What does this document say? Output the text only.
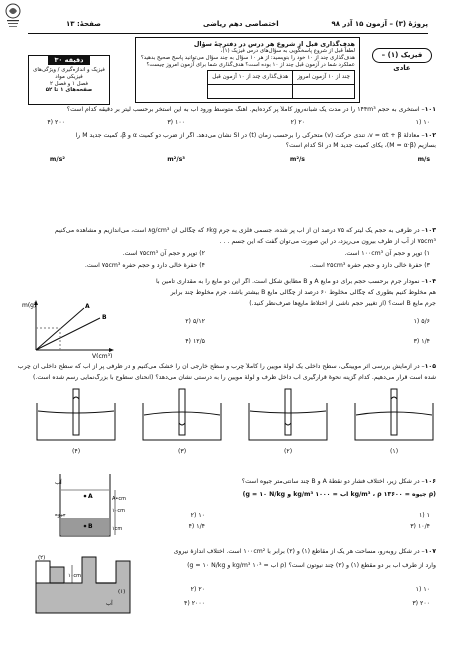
پروژهٔ (۳) – آزمون ۱۵ آذر ۹۸
اختصاصی دهم ریاضی
صفحهٔ: ۱۳
فیزیک (۱) – عادی
هدف‌گذاری قبل از شروع هر درس در دفترچهٔ سؤال
لطفاً قبل از شروع پاسخگویی به سؤال‌های درس فیزیک (۱)،
هدف‌گذاری چند از ۱۰ خود را بنویسید: از هر ۱۰ سؤال به چند سؤال می‌توانید پاسخ صحیح بدهید؟
عملکرد شما در آزمون قبل چند از ۱۰ بوده است؟ هدف‌گذاری شما برای آزمون امروز چیست؟
چند از ۱۰ آزمون امروز	هدف‌گذاری چند از ۱۰ آزمون قبل

۳۰ دقیقه
فیزیک و اندازه‌گیری / ویژگی‌های
فیزیکی مواد
فصل ۱ و فصل ۲
صفحه‌های ۱ تا ۵۲
۱۰۱– استخری به حجم ۱۴۴m³ را در مدت یک شبانه‌روز کاملاً پر کرده‌ایم. آهنگ متوسط ورود آب به این استخر برحسب لیتر بر دقیقه کدام است؟
۱) ۱۰
۲) ۲۰
۳) ۱۰۰
۴) ۲۰۰
۱۰۲– معادلهٔ v = αt + β، تندی حرکت (v) متحرکی را برحسب زمان (t) در SI نشان می‌دهد. اگر از ضرب دو کمیت α و β، کمیت جدید M را
بسازیم (M = α·β)، یکای کمیت جدید M در SI کدام است؟
m/s
m²/s
m²/s³
m/s²
۱۰۳– در ظرفی به حجم یک لیتر که ۷۵ درصد آن از آب پر شده، جسمی فلزی به جرم ۶kg که چگالی آن ۸g/cm³ است، می‌اندازیم و مشاهده می‌کنیم
۷۵cm³ از آب از ظرف بیرون می‌ریزد، در این صورت می‌توان گفت که این جسم . . .
۱) توپر و حجم آن ۱۰۰cm³ است.
۲) توپر و حجم آن ۷۵cm³ است.
۳) حفرهٔ خالی دارد و حجم حفره ۲۵cm³ است.
۴) حفرهٔ خالی دارد و حجم حفره ۷۵cm³ است.
۱۰۴– نمودار جرم برحسب حجم برای دو مایع A و B مطابق شکل است. اگر این دو مایع را به مقداری تامین با
هم مخلوط کنیم بطوری که چگالی مخلوط ۶۰ درصد از چگالی مایع B بیشتر باشد، جرم مخلوط چند برابر
جرم مایع B است؟ (از تغییر حجم ناشی از اختلاط مایع‌ها صرف‌نظر کنید.)
۱) ۵/۶
۲) ۵/۱۲
۳) ۱/۴
۴) ۱۲/۵
m(g)
V(cm³)
A
B
۱۰۵– در آزمایش بررسی اثر مویینگی، سطح داخلی یک لولهٔ مویین را کاملاً چرب و سطح خارجی آن را خشک می‌کنیم و در ظرفی پر از آب که سطح داخلی آن چرب
شده است قرار می‌دهیم. کدام گزینه نحوهٔ قرارگیری آب داخل ظرف و لولهٔ مویین را به درستی نشان می‌دهد؟ (انحنای سطوح با بزرگ‌نمایی رسم شده است.)
(۱)
(۲)
(۳)
(۴)
۱۰۶– در شکل زیر، اختلاف فشار دو نقطهٔ A و B چند سانتی‌متر جیوه است؟
(ρ جیوه = ۱۳۶۰۰ kg/m³ ، ρ آب = ۱۰۰۰ kg/m³ و g = ۱۰ N/kg)
۱) ۱
۲) ۱۰
۳) ۱۰/۴
۴) ۱/۴
آب
جیوه
A
B
A•cm
۱۰cm
۱cm
۱۰۷– در شکل روبه‌رو، مساحت هر یک از مقاطع (۱) و (۲) برابر با ۱۰۰cm² است. اختلاف اندازهٔ نیروی
وارد از طرف آب بر دو مقطع (۱) و (۲) چند نیوتون است؟ (ρ آب = ۱۰³ kg/m³ و g = ۱۰ N/kg)
۱) ۱۰
۲) ۲۰
۳) ۲۰۰
۴) ۲۰۰۰
(۲)
(۱)
۱۰cm
آب
